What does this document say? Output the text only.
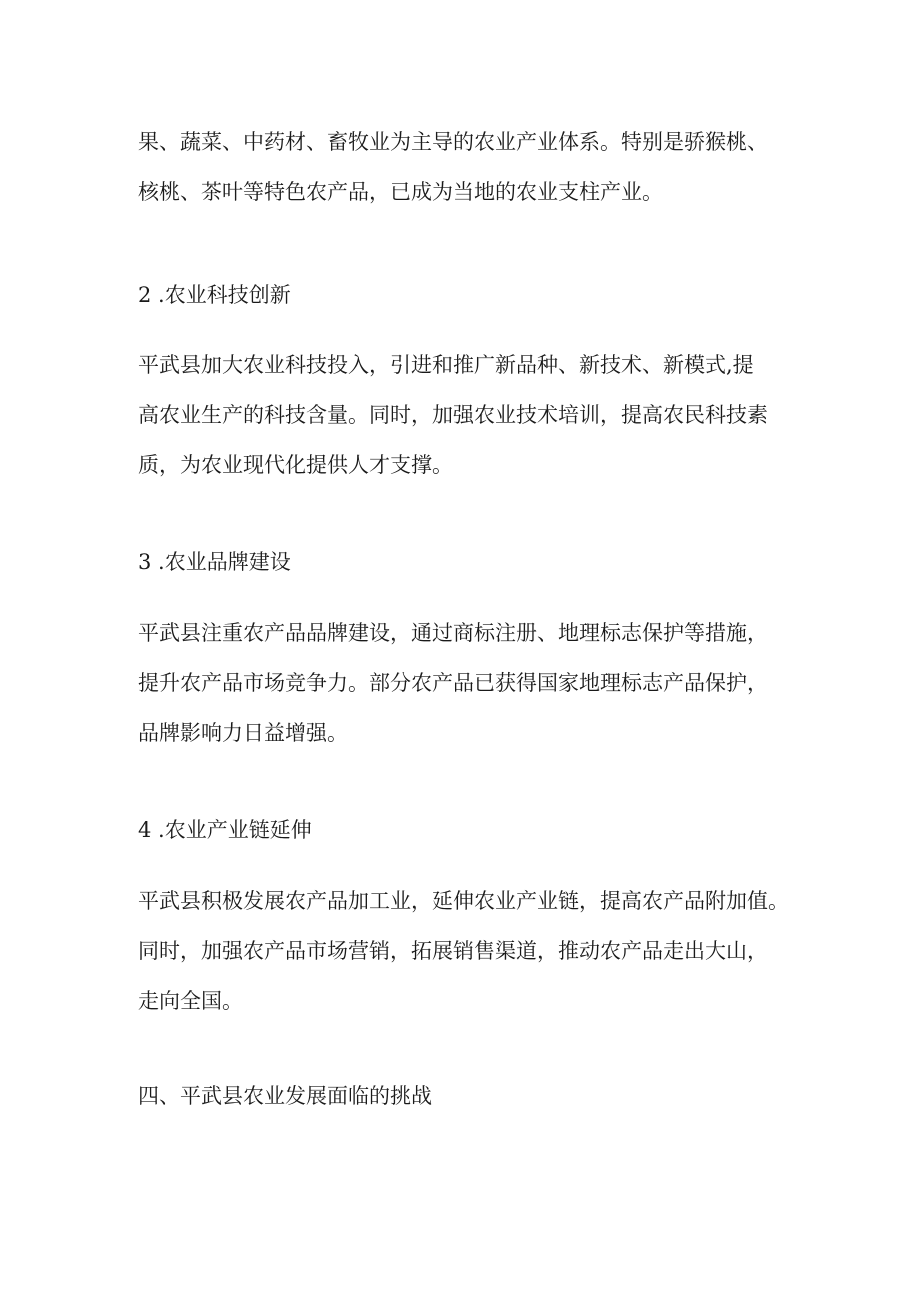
果、蔬菜、中药材、畜牧业为主导的农业产业体系。特别是骄猴桃、
核桃、茶叶等特色农产品，已成为当地的农业支柱产业。

2 .农业科技创新

平武县加大农业科技投入，引进和推广新品种、新技术、新模式,提
高农业生产的科技含量。同时，加强农业技术培训，提高农民科技素
质，为农业现代化提供人才支撑。

3 .农业品牌建设

平武县注重农产品品牌建设，通过商标注册、地理标志保护等措施，
提升农产品市场竞争力。部分农产品已获得国家地理标志产品保护，
品牌影响力日益增强。

4 .农业产业链延伸

平武县积极发展农产品加工业，延伸农业产业链，提高农产品附加值。
同时，加强农产品市场营销，拓展销售渠道，推动农产品走出大山，
走向全国。

四、平武县农业发展面临的挑战
